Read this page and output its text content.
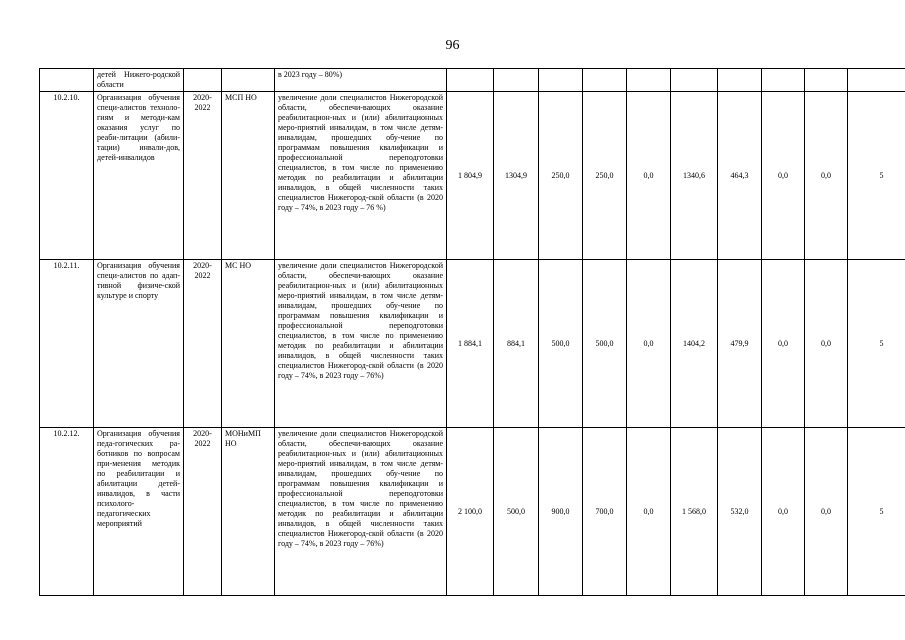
96
	детей Нижего-родской области			в 2023 году – 80%)										
10.2.10.	Организация обучения специ-алистов техноло-гиям и методи-кам оказания услуг по реаби-литации (абили-тации) инвали-дов, детей-инвалидов	2020-2022	МСП НО	увеличение доли специалистов Нижегородской области, обеспечи-вающих оказание реабилитацион-ных и (или) абилитационных меро-приятий инвалидам, в том числе детям-инвалидам, прошедших обу-чение по программам повышения квалификации и профессиональной переподготовки специалистов, в том числе по применению методик по реабилитации и абилитации инвалидов, в общей численности таких специалистов Нижегород-ской области (в 2020 году – 74%, в 2023 году – 76 %)	1 804,9	1304,9	250,0	250,0	0,0	1340,6	464,3	0,0	0,0	5
10.2.11.	Организация обучения специ-алистов по адап-тивной физиче-ской культуре и спорту	2020-2022	МС НО	увеличение доли специалистов Нижегородской области, обеспечи-вающих оказание реабилитацион-ных и (или) абилитационных меро-приятий инвалидам, в том числе детям-инвалидам, прошедших обу-чение по программам повышения квалификации и профессиональной переподготовки специалистов, в том числе по применению методик по реабилитации и абилитации инвалидов, в общей численности таких специалистов Нижегород-ской области (в 2020 году – 74%, в 2023 году – 76%)	1 884,1	884,1	500,0	500,0	0,0	1404,2	479,9	0,0	0,0	5
10.2.12.	Организация обучения педа-гогических ра-ботников по вопросам при-менения методик по реабилитации и абилитации детей-инвалидов, в части психолого-педагогических мероприятий	2020-2022	МОНиМП НО	увеличение доли специалистов Нижегородской области, обеспечи-вающих оказание реабилитацион-ных и (или) абилитационных меро-приятий инвалидам, в том числе детям-инвалидам, прошедших обу-чение по программам повышения квалификации и профессиональной переподготовки специалистов, в том числе по применению методик по реабилитации и абилитации инвалидов, в общей численности таких специалистов Нижегород-ской области (в 2020 году – 74%, в 2023 году – 76%)	2 100,0	500,0	900,0	700,0	0,0	1 568,0	532,0	0,0	0,0	5
